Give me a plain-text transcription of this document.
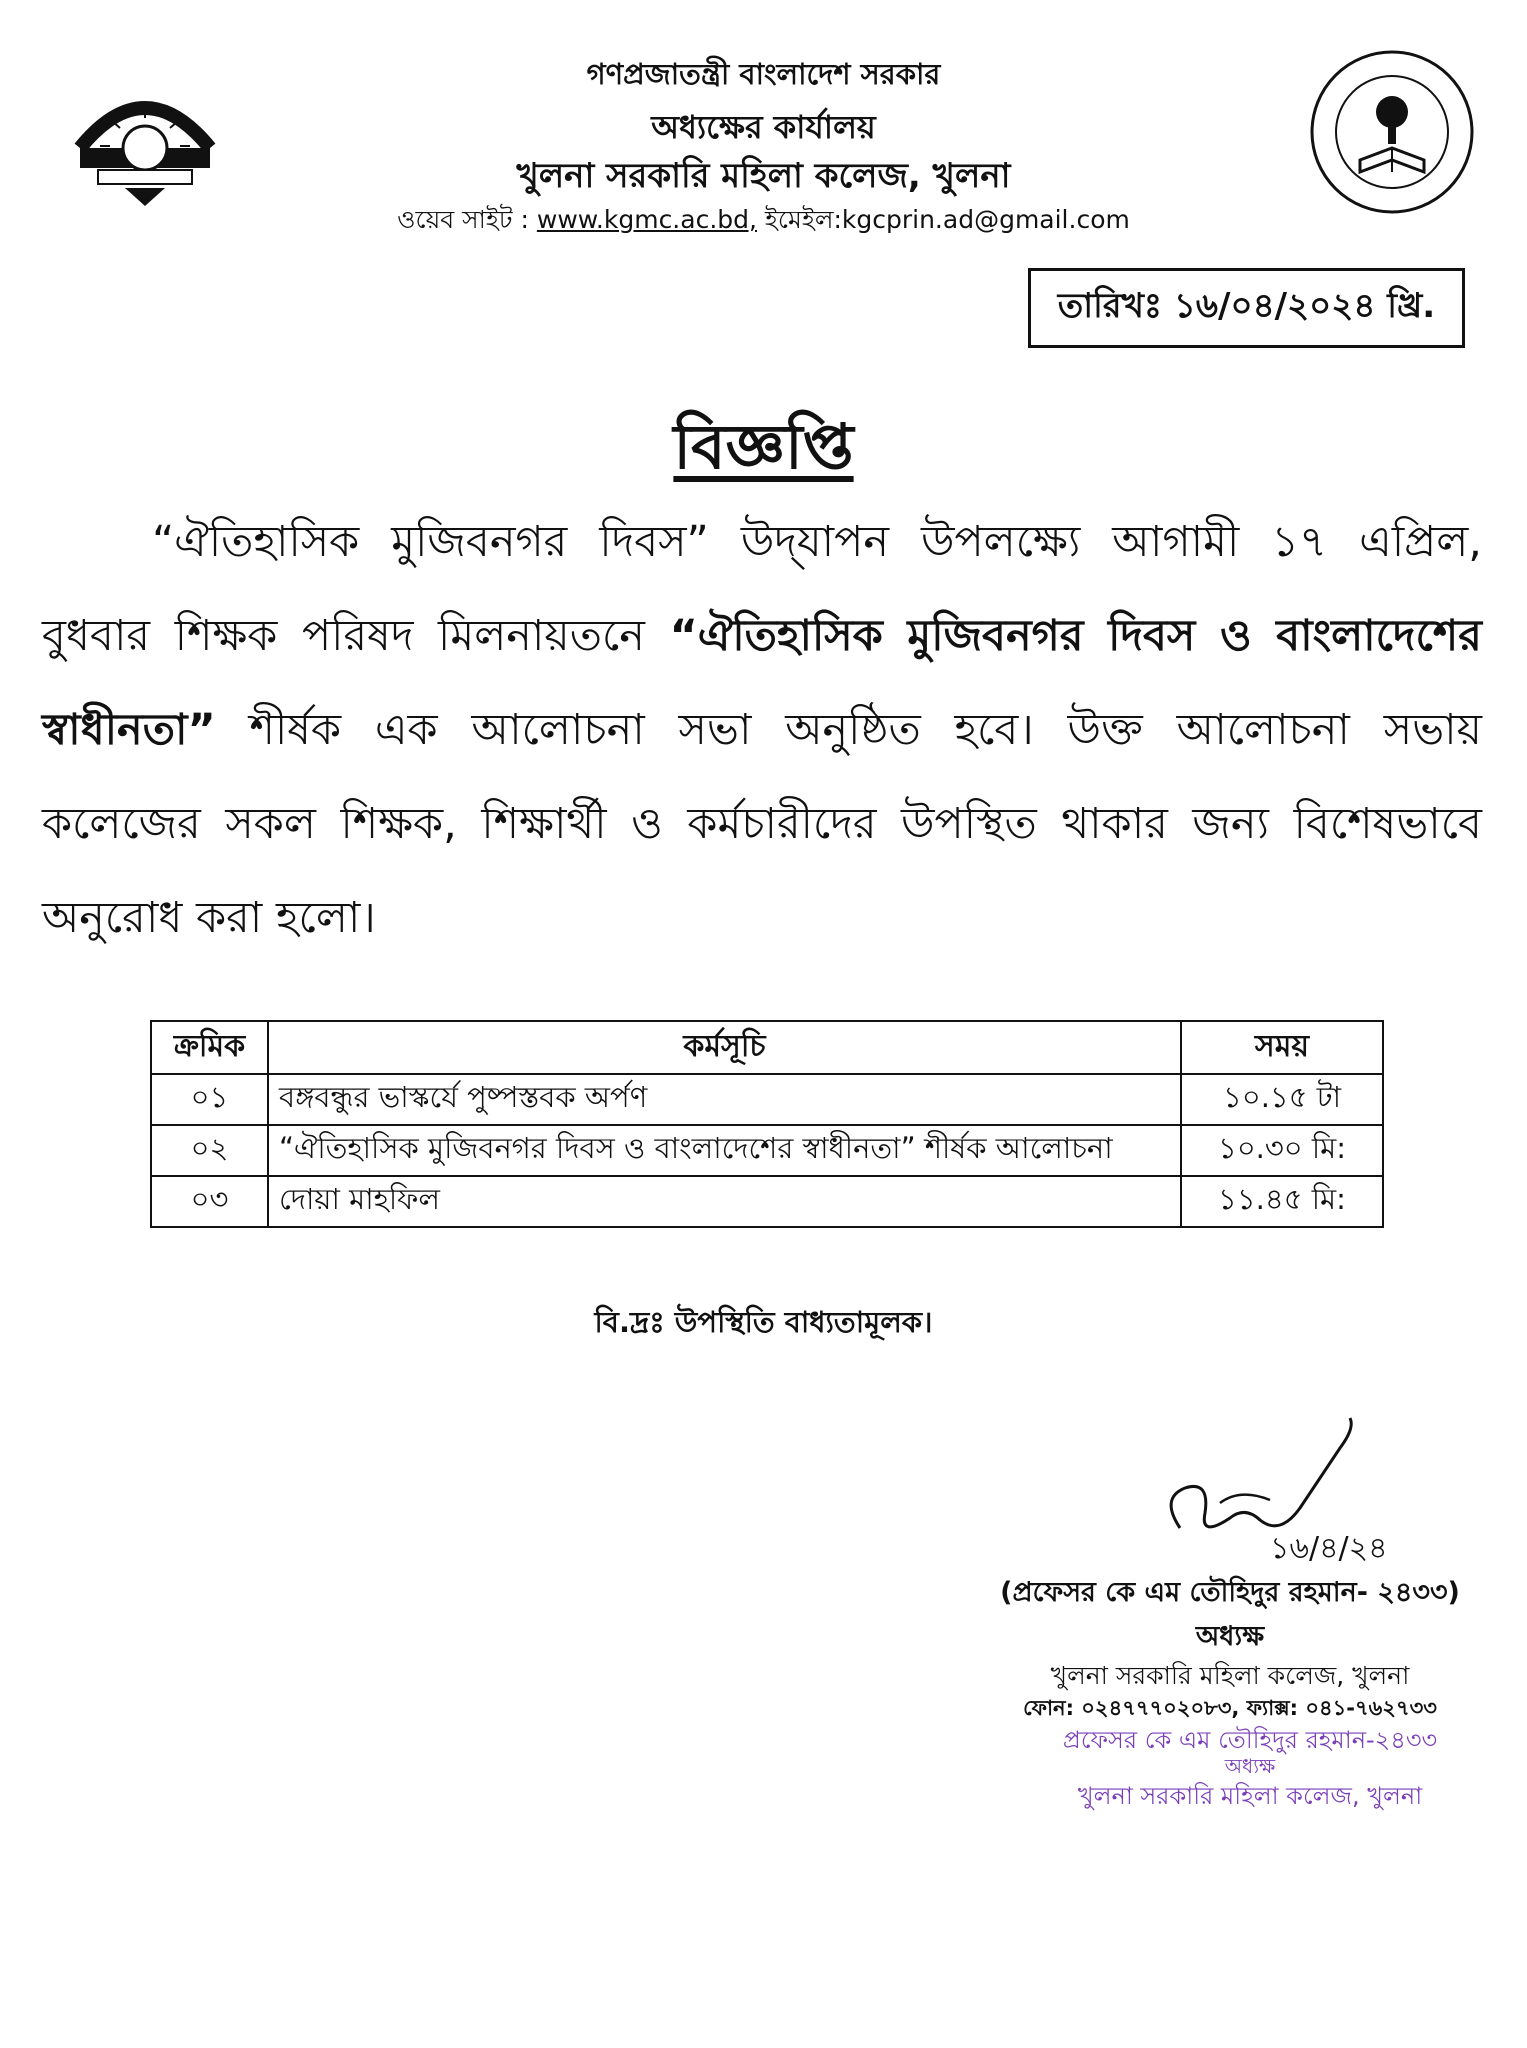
গণপ্রজাতন্ত্রী বাংলাদেশ সরকার
অধ্যক্ষের কার্যালয়
খুলনা সরকারি মহিলা কলেজ, খুলনা
ওয়েব সাইট : www.kgmc.ac.bd, ইমেইল:kgcprin.ad@gmail.com
তারিখঃ ১৬/০৪/২০২৪ খ্রি.
বিজ্ঞপ্তি
“ঐতিহাসিক মুজিবনগর দিবস” উদ্‌যাপন উপলক্ষ্যে আগামী ১৭ এপ্রিল,
বুধবার শিক্ষক পরিষদ মিলনায়তনে “ঐতিহাসিক মুজিবনগর দিবস ও বাংলাদেশের
স্বাধীনতা” শীর্ষক এক আলোচনা সভা অনুষ্ঠিত হবে। উক্ত আলোচনা সভায়
কলেজের সকল শিক্ষক, শিক্ষার্থী ও কর্মচারীদের উপস্থিত থাকার জন্য বিশেষভাবে
অনুরোধ করা হলো।
ক্রমিক	কর্মসূচি	সময়
০১	বঙ্গবন্ধুর ভাস্কর্যে পুষ্পস্তবক অর্পণ	১০.১৫ টা
০২	“ঐতিহাসিক মুজিবনগর দিবস ও বাংলাদেশের স্বাধীনতা” শীর্ষক আলোচনা	১০.৩০ মি:
০৩	দোয়া মাহফিল	১১.৪৫ মি:
বি.দ্রঃ উপস্থিতি বাধ্যতামূলক।
১৬/৪/২৪
(প্রফেসর কে এম তৌহিদুর রহমান- ২৪৩৩)
অধ্যক্ষ
খুলনা সরকারি মহিলা কলেজ, খুলনা
ফোন: ০২৪৭৭৭০২০৮৩, ফ্যাক্স: ০৪১-৭৬২৭৩৩
প্রফেসর কে এম তৌহিদুর রহমান-২৪৩৩
অধ্যক্ষ
খুলনা সরকারি মহিলা কলেজ, খুলনা
